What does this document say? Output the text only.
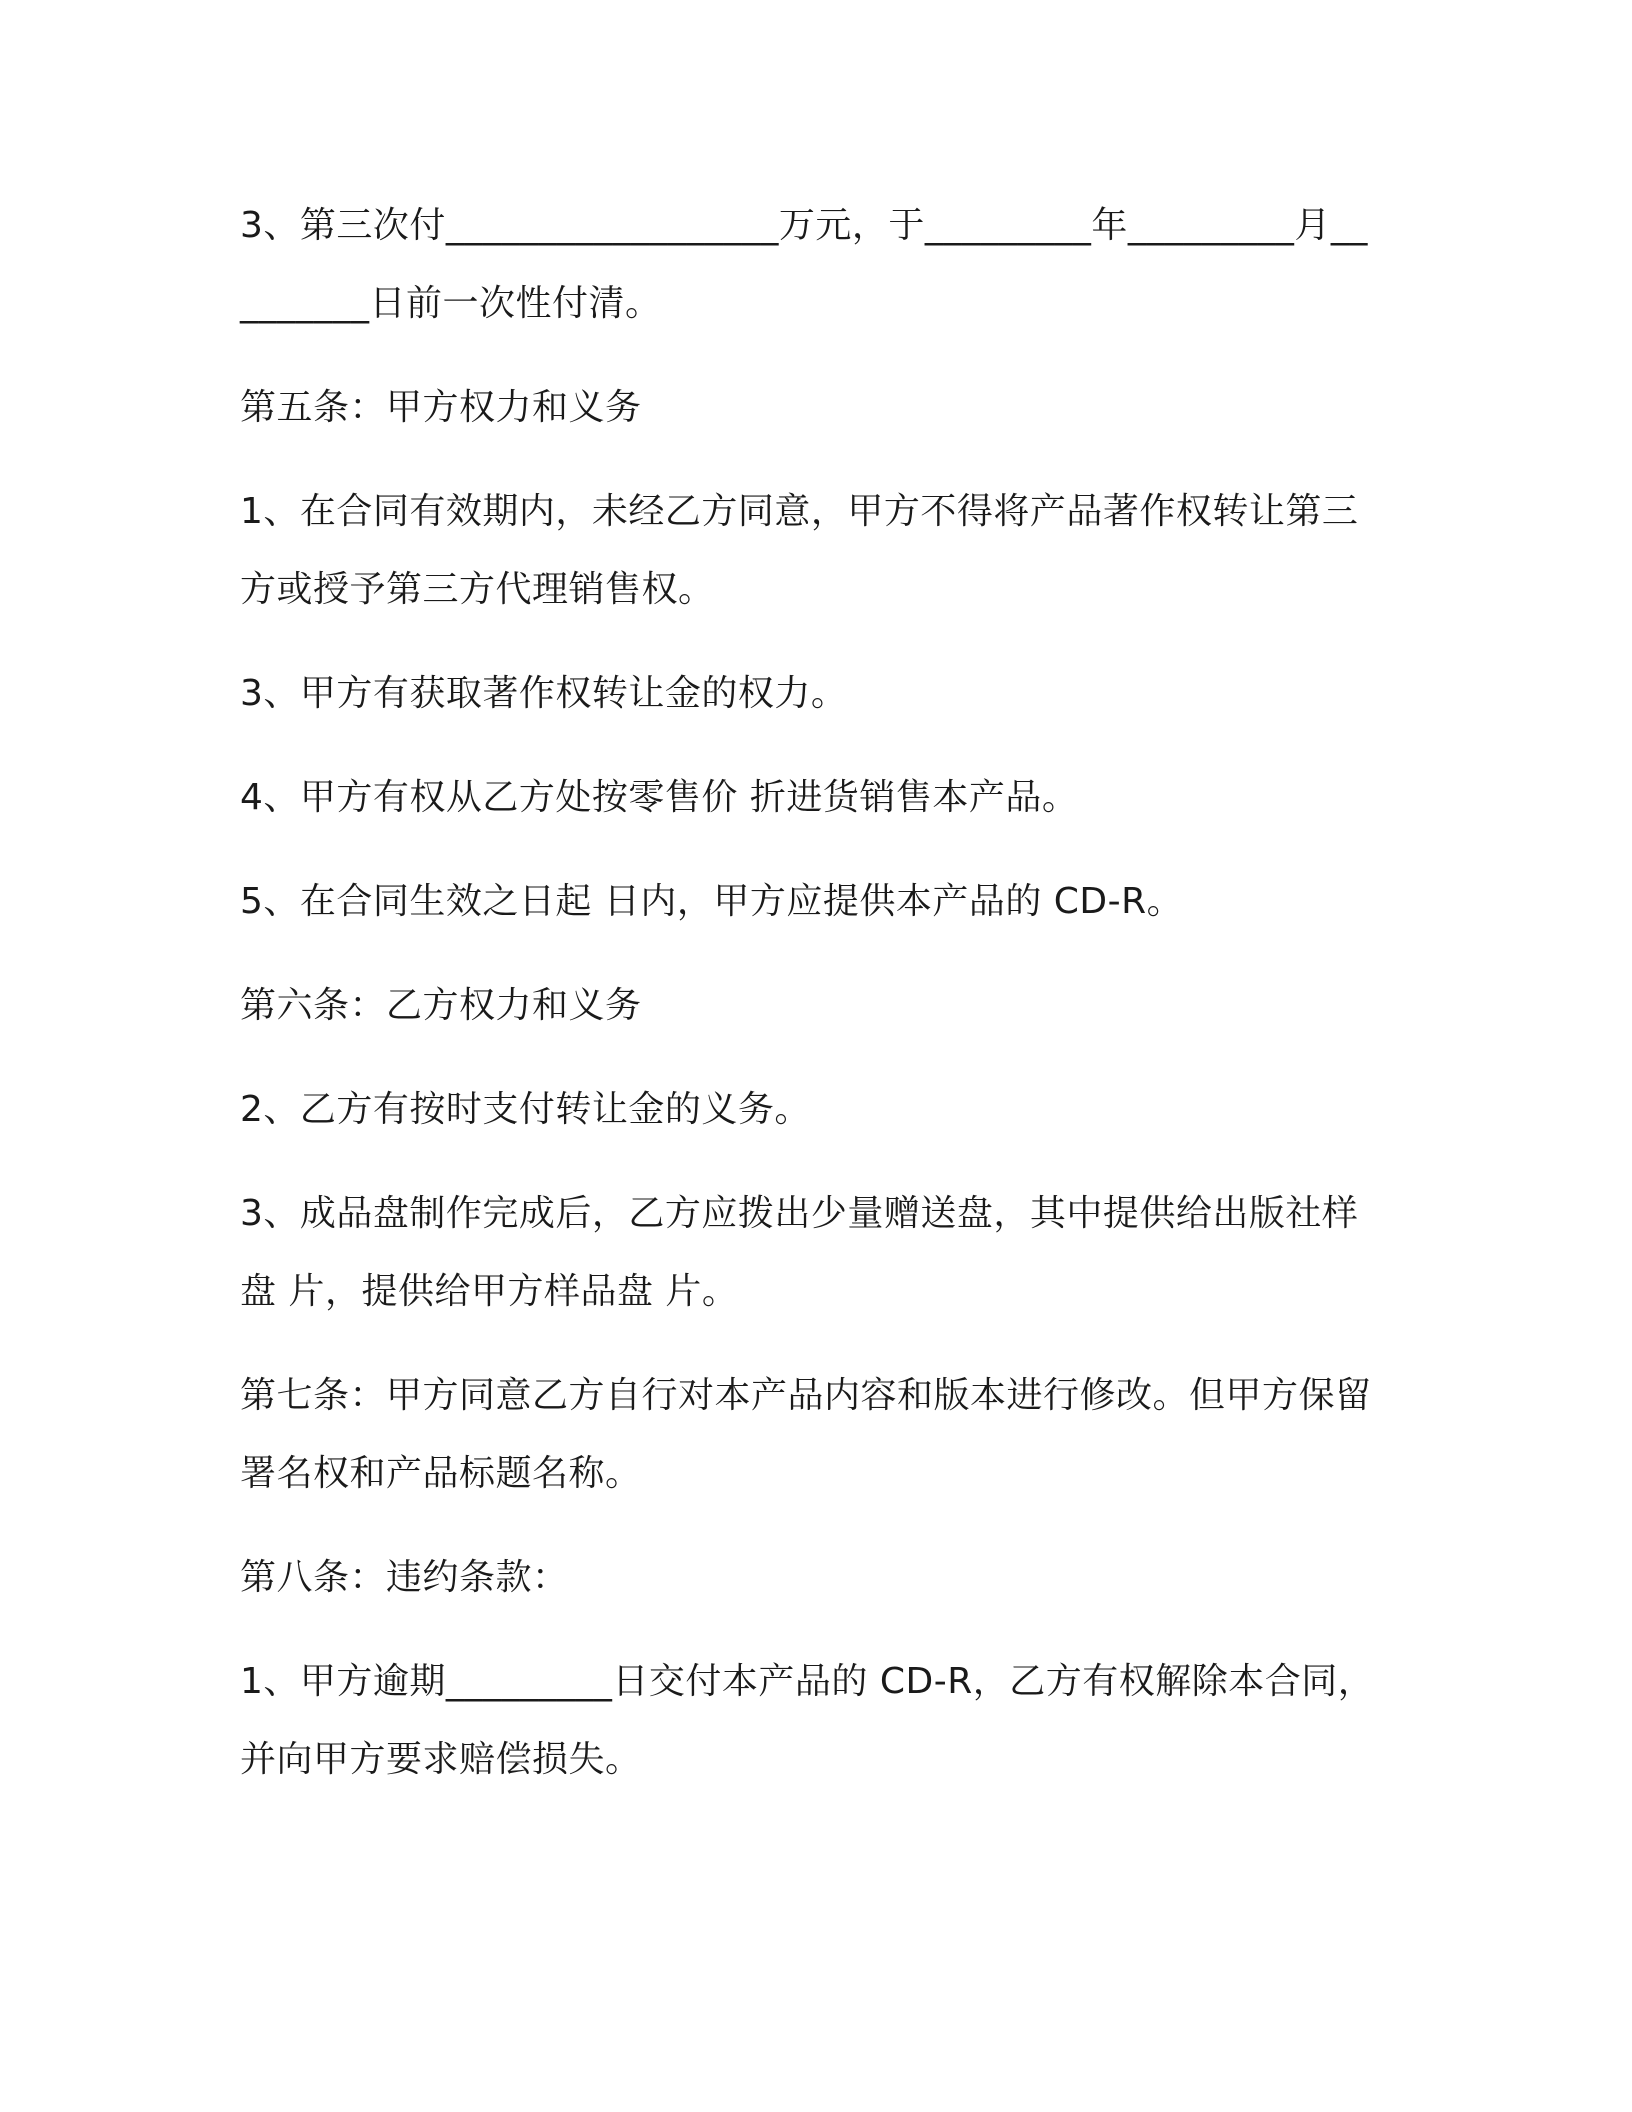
3、第三次付__________________万元，于_________年_________月_________日前一次性付清。

第五条：甲方权力和义务

1、在合同有效期内，未经乙方同意，甲方不得将产品著作权转让第三方或授予第三方代理销售权。

3、甲方有获取著作权转让金的权力。

4、甲方有权从乙方处按零售价 折进货销售本产品。

5、在合同生效之日起 日内，甲方应提供本产品的 CD-R。

第六条：乙方权力和义务

2、乙方有按时支付转让金的义务。

3、成品盘制作完成后，乙方应拨出少量赠送盘，其中提供给出版社样盘 片，提供给甲方样品盘 片。

第七条：甲方同意乙方自行对本产品内容和版本进行修改。但甲方保留署名权和产品标题名称。

第八条：违约条款：

1、甲方逾期_________日交付本产品的 CD-R，乙方有权解除本合同，并向甲方要求赔偿损失。
